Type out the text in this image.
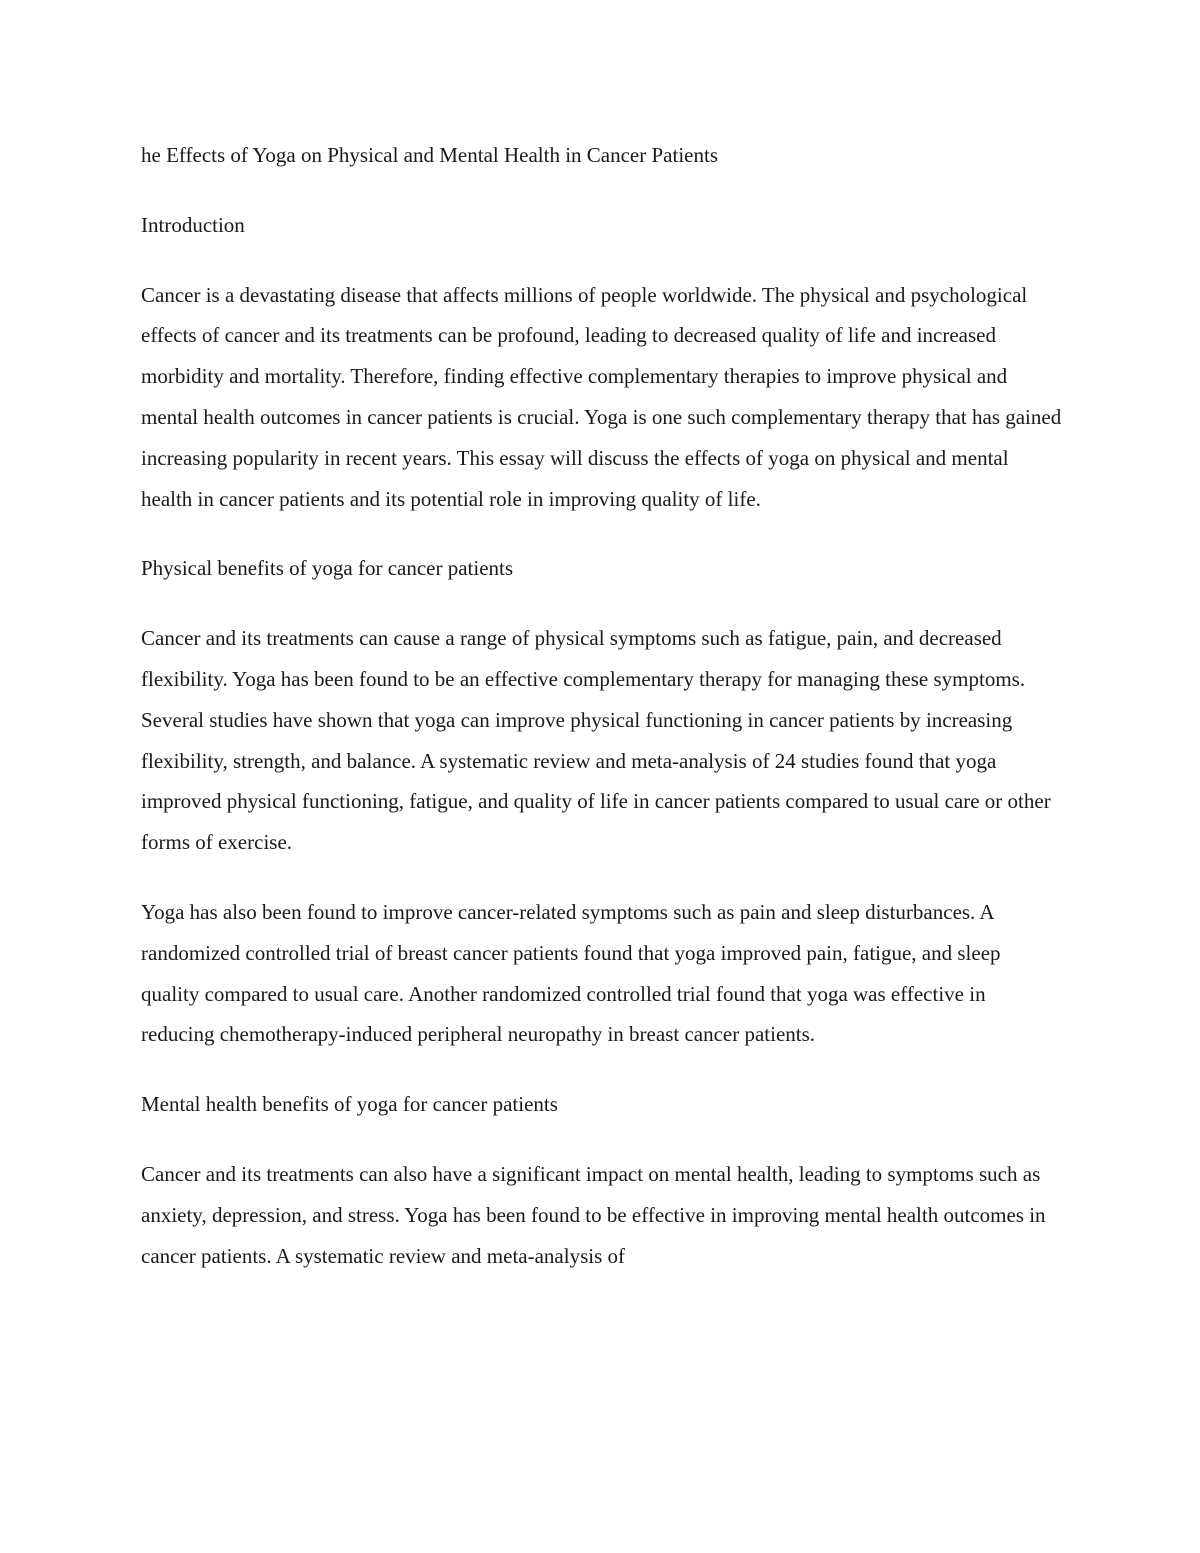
he Effects of Yoga on Physical and Mental Health in Cancer Patients

Introduction

Cancer is a devastating disease that affects millions of people worldwide. The physical and psychological effects of cancer and its treatments can be profound, leading to decreased quality of life and increased morbidity and mortality. Therefore, finding effective complementary therapies to improve physical and mental health outcomes in cancer patients is crucial. Yoga is one such complementary therapy that has gained increasing popularity in recent years. This essay will discuss the effects of yoga on physical and mental health in cancer patients and its potential role in improving quality of life.

Physical benefits of yoga for cancer patients

Cancer and its treatments can cause a range of physical symptoms such as fatigue, pain, and decreased flexibility. Yoga has been found to be an effective complementary therapy for managing these symptoms. Several studies have shown that yoga can improve physical functioning in cancer patients by increasing flexibility, strength, and balance. A systematic review and meta-analysis of 24 studies found that yoga improved physical functioning, fatigue, and quality of life in cancer patients compared to usual care or other forms of exercise.

Yoga has also been found to improve cancer-related symptoms such as pain and sleep disturbances. A randomized controlled trial of breast cancer patients found that yoga improved pain, fatigue, and sleep quality compared to usual care. Another randomized controlled trial found that yoga was effective in reducing chemotherapy-induced peripheral neuropathy in breast cancer patients.

Mental health benefits of yoga for cancer patients

Cancer and its treatments can also have a significant impact on mental health, leading to symptoms such as anxiety, depression, and stress. Yoga has been found to be effective in improving mental health outcomes in cancer patients. A systematic review and meta-analysis of
